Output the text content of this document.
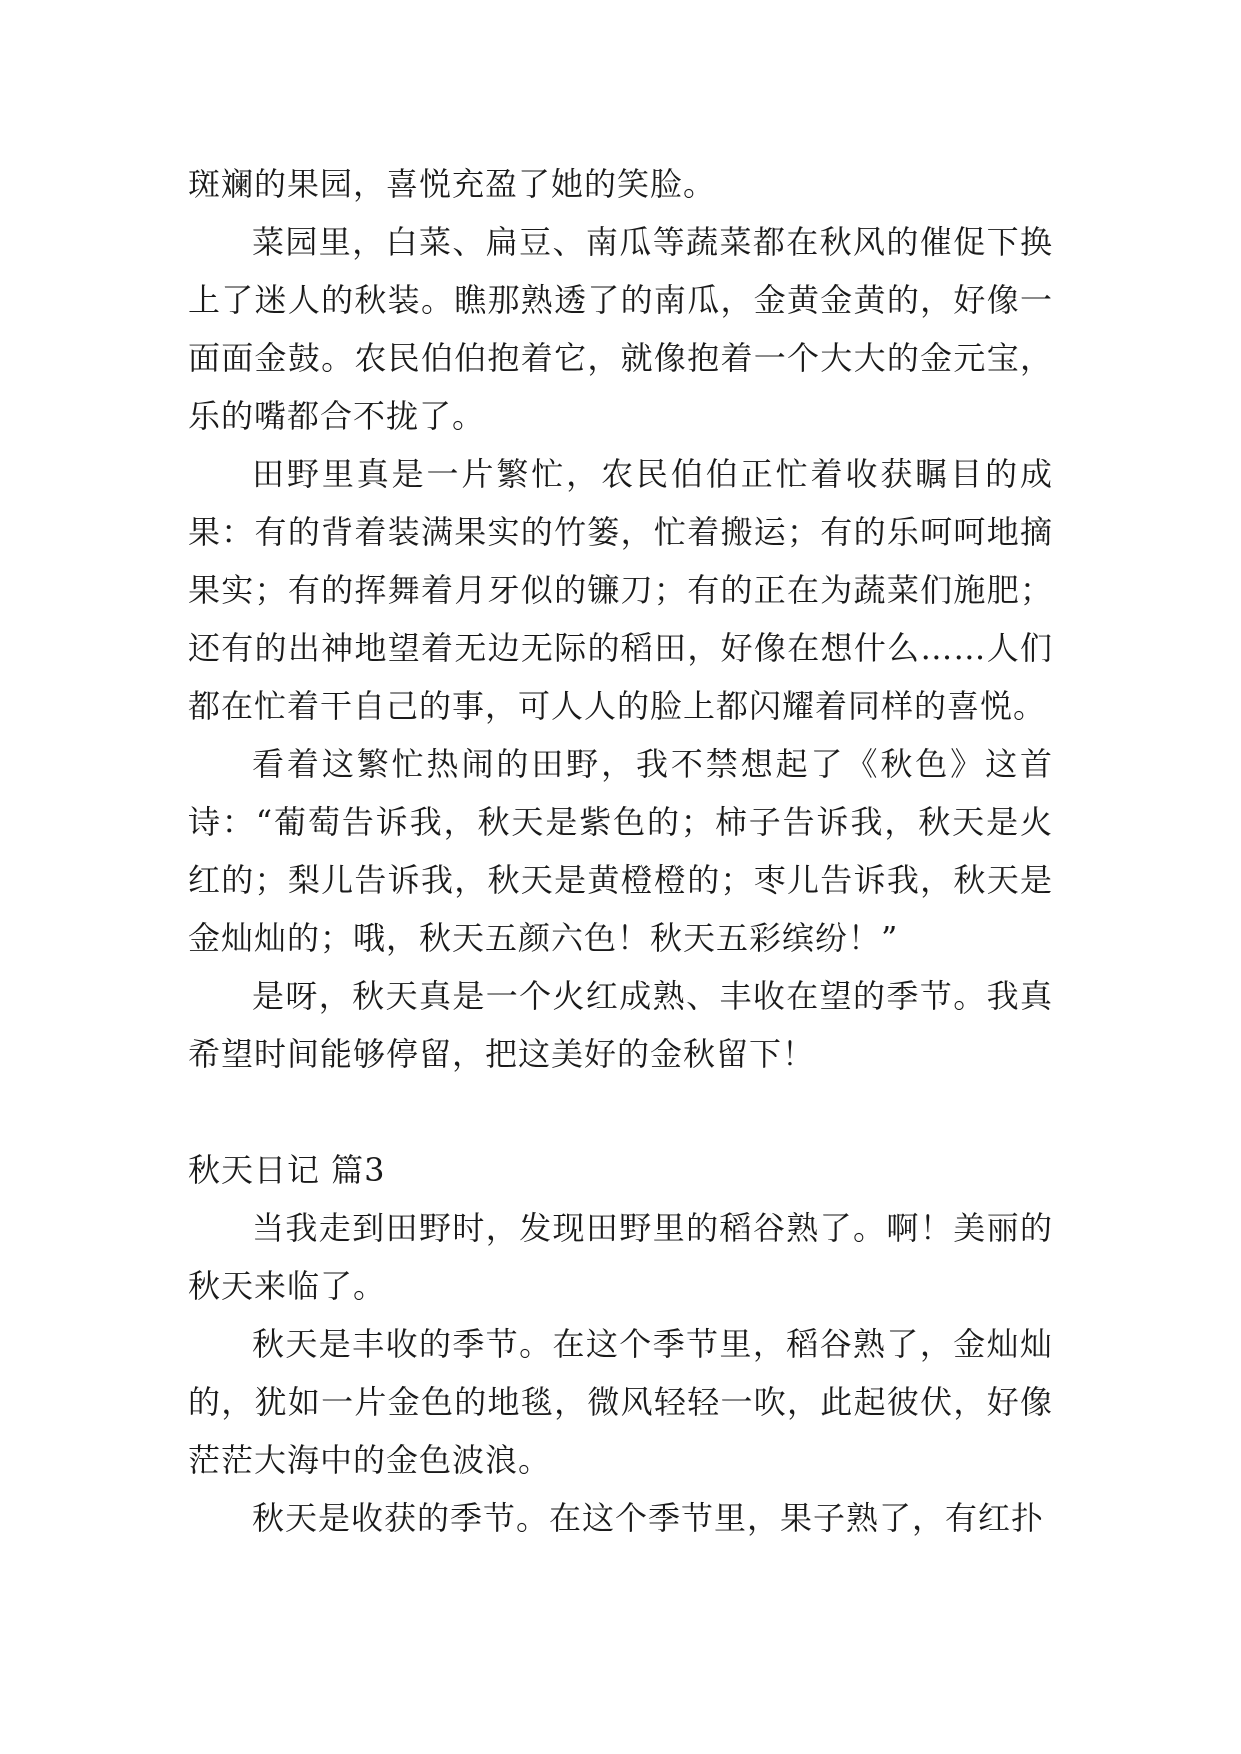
斑斓的果园，喜悦充盈了她的笑脸。

菜园里，白菜、扁豆、南瓜等蔬菜都在秋风的催促下换上了迷人的秋装。瞧那熟透了的南瓜，金黄金黄的，好像一面面金鼓。农民伯伯抱着它，就像抱着一个大大的金元宝，乐的嘴都合不拢了。

田野里真是一片繁忙，农民伯伯正忙着收获瞩目的成果：有的背着装满果实的竹篓，忙着搬运；有的乐呵呵地摘果实；有的挥舞着月牙似的镰刀；有的正在为蔬菜们施肥；还有的出神地望着无边无际的稻田，好像在想什么……人们都在忙着干自己的事，可人人的脸上都闪耀着同样的喜悦。

看着这繁忙热闹的田野，我不禁想起了《秋色》这首诗：“葡萄告诉我，秋天是紫色的；柿子告诉我，秋天是火红的；梨儿告诉我，秋天是黄橙橙的；枣儿告诉我，秋天是金灿灿的；哦，秋天五颜六色！秋天五彩缤纷！”

是呀，秋天真是一个火红成熟、丰收在望的季节。我真希望时间能够停留，把这美好的金秋留下！

秋天日记 篇3

当我走到田野时，发现田野里的稻谷熟了。啊！美丽的秋天来临了。

秋天是丰收的季节。在这个季节里，稻谷熟了，金灿灿的，犹如一片金色的地毯，微风轻轻一吹，此起彼伏，好像茫茫大海中的金色波浪。

秋天是收获的季节。在这个季节里，果子熟了，有红扑
